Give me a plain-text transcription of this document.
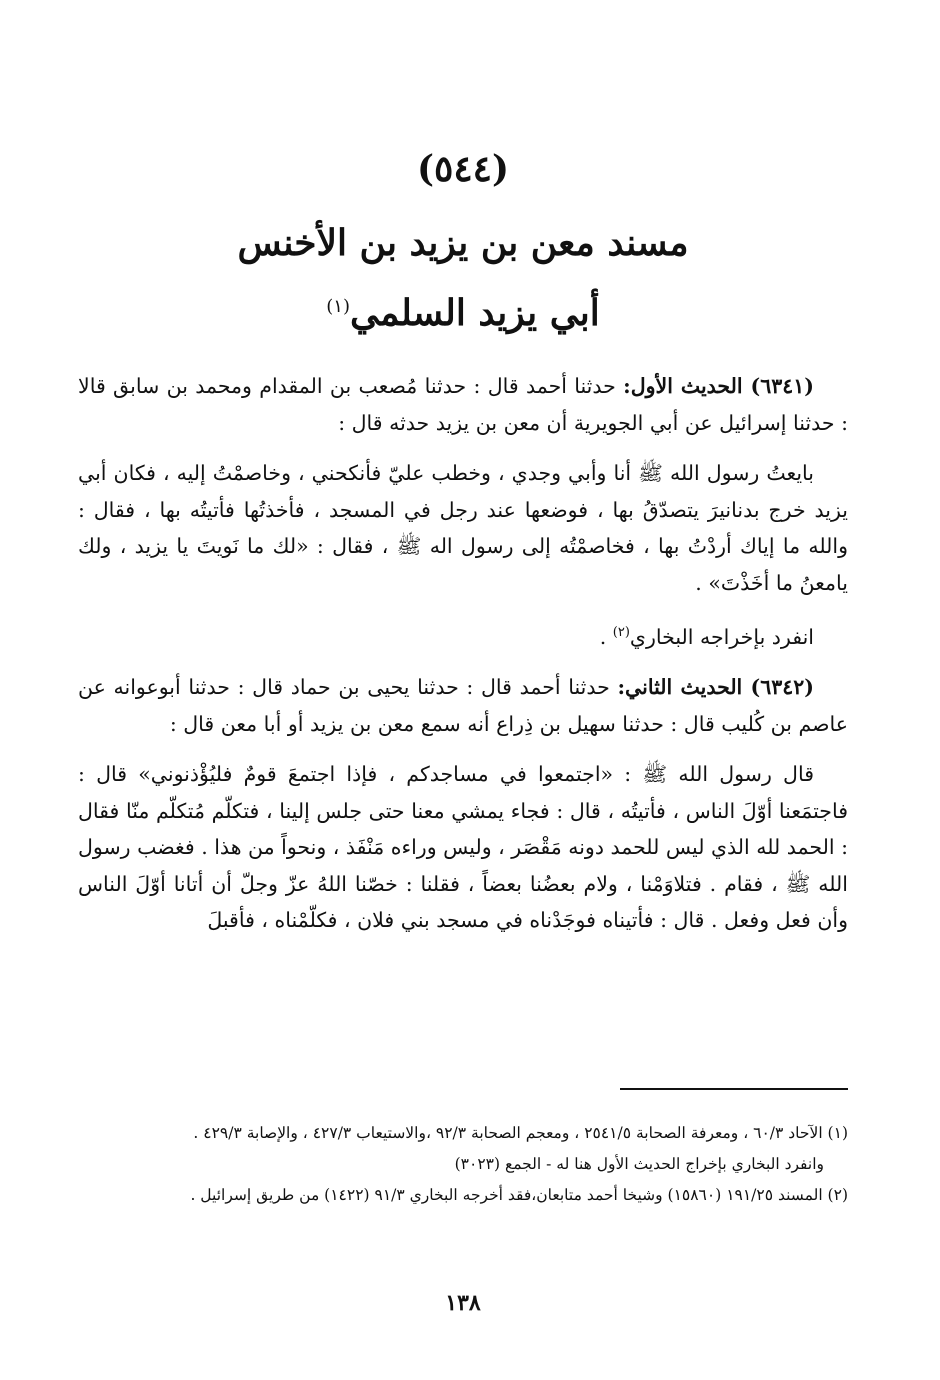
(٥٤٤)
مسند معن بن يزيد بن الأخنس
أبي يزيد السلمي$^{(١)}$

(٦٣٤١) الحديث الأول: حدثنا أحمد قال : حدثنا مُصعب بن المقدام ومحمد بن سابق قالا : حدثنا إسرائيل عن أبي الجويرية أن معن بن يزيد حدثه قال :

بايعتُ رسول الله ﷺ أنا وأبي وجدي ، وخطب عليّ فأنكحني ، وخاصمْتُ إليه ، فكان أبي يزيد خرج بدنانيرَ يتصدّقُ بها ، فوضعها عند رجل في المسجد ، فأخذتُها فأتيتُه بها ، فقال : والله ما إياك أردْتُ بها ، فخاصمْتُه إلى رسول اله ﷺ ، فقال : «لك ما نَويتَ يا يزيد ، ولك يامعنُ ما أخَذْتَ» .

انفرد بإخراجه البخاري$^{(٢)}$ .

(٦٣٤٢) الحديث الثاني: حدثنا أحمد قال : حدثنا يحيى بن حماد قال : حدثنا أبوعوانه عن عاصم بن كُليب قال : حدثنا سهيل بن ذِراع أنه سمع معن بن يزيد أو أبا معن قال :

قال رسول الله ﷺ : «اجتمعوا في مساجدكم ، فإذا اجتمعَ قومٌ فليُؤْذنوني» قال : فاجتمَعنا أوّلَ الناس ، فأتيتُه ، قال : فجاء يمشي معنا حتى جلس إلينا ، فتكلّم مُتكلّم منّا فقال : الحمد لله الذي ليس للحمد دونه مَقْصَر ، وليس وراءه مَنْفَذ ، ونحواً من هذا . فغضب رسول الله ﷺ ، فقام . فتلاوَمْنا ، ولام بعضُنا بعضاً ، فقلنا : خصّنا اللهُ عزّ وجلّ أن أتانا أوّلَ الناس وأن فعل وفعل . قال : فأتيناه فوجَدْناه في مسجد بني فلان ، فكلّمْناه ، فأقبلَ

(١) الآحاد ٦٠/٣ ، ومعرفة الصحابة ٢٥٤١/٥ ، ومعجم الصحابة ٩٢/٣ ،والاستيعاب ٤٢٧/٣ ، والإصابة ٤٢٩/٣ .

وانفرد البخاري بإخراج الحديث الأول هنا له - الجمع (٣٠٢٣)

(٢) المسند ١٩١/٢٥ (١٥٨٦٠) وشيخا أحمد متابعان،فقد أخرجه البخاري ٩١/٣ (١٤٢٢) من طريق إسرائيل .

١٣٨
